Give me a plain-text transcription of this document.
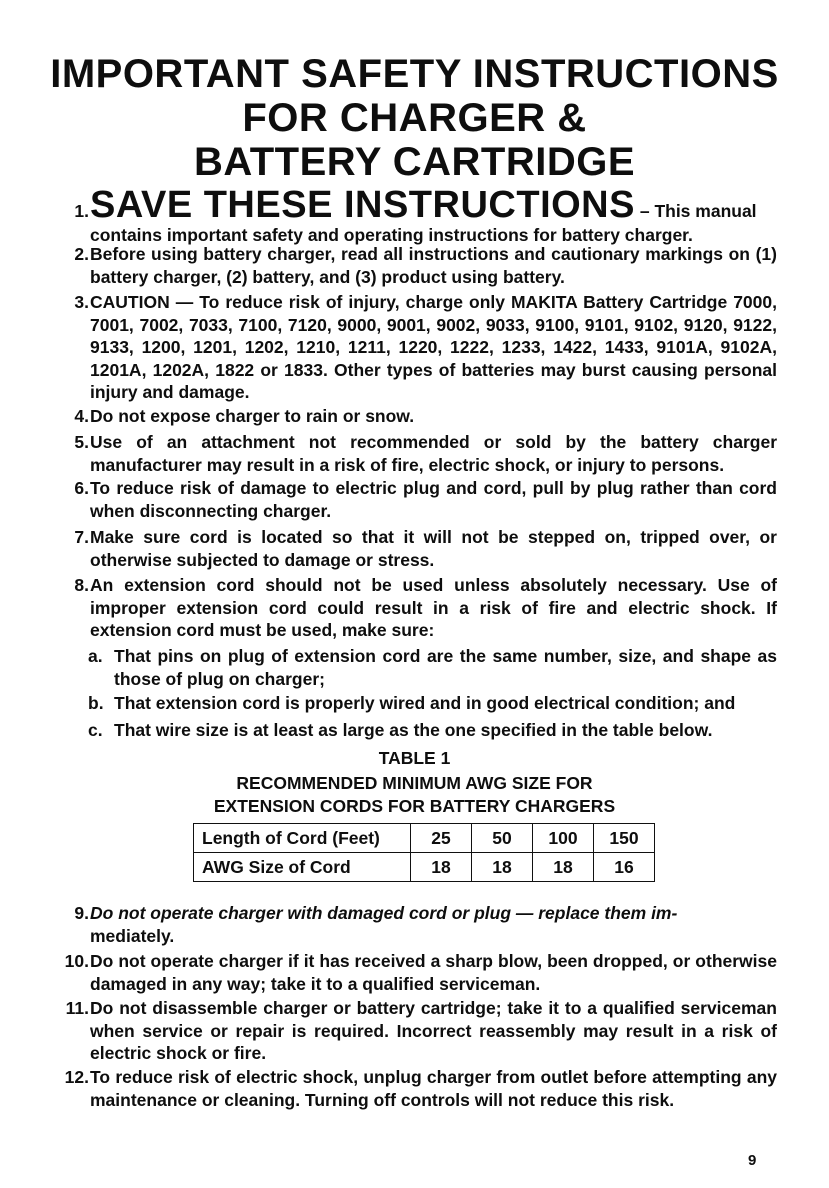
IMPORTANT SAFETY INSTRUCTIONS
FOR CHARGER &
BATTERY CARTRIDGE
1. SAVE THESE INSTRUCTIONS – This manual
contains important safety and operating instructions for battery charger.
2. Before using battery charger, read all instructions and cautionary markings on (1) battery charger, (2) battery, and (3) product using battery.
3. CAUTION — To reduce risk of injury, charge only MAKITA Battery Cartridge 7000, 7001, 7002, 7033, 7100, 7120, 9000, 9001, 9002, 9033, 9100, 9101, 9102, 9120, 9122, 9133, 1200, 1201, 1202, 1210, 1211, 1220, 1222, 1233, 1422, 1433, 9101A, 9102A, 1201A, 1202A, 1822 or 1833. Other types of batteries may burst causing personal injury and damage.
4. Do not expose charger to rain or snow.
5. Use of an attachment not recommended or sold by the battery charger manufacturer may result in a risk of fire, electric shock, or injury to persons.
6. To reduce risk of damage to electric plug and cord, pull by plug rather than cord when disconnecting charger.
7. Make sure cord is located so that it will not be stepped on, tripped over, or otherwise subjected to damage or stress.
8. An extension cord should not be used unless absolutely necessary. Use of improper extension cord could result in a risk of fire and electric shock. If extension cord must be used, make sure:
a. That pins on plug of extension cord are the same number, size, and shape as those of plug on charger;
b. That extension cord is properly wired and in good electrical condition; and
c. That wire size is at least as large as the one specified in the table below.
TABLE 1
RECOMMENDED MINIMUM AWG SIZE FOR
EXTENSION CORDS FOR BATTERY CHARGERS
Length of Cord (Feet)	25	50	100	150
AWG Size of Cord	18	18	18	16
9. Do not operate charger with damaged cord or plug — replace them im-
mediately.
10. Do not operate charger if it has received a sharp blow, been dropped, or otherwise damaged in any way; take it to a qualified serviceman.
11. Do not disassemble charger or battery cartridge; take it to a qualified serviceman when service or repair is required. Incorrect reassembly may result in a risk of electric shock or fire.
12. To reduce risk of electric shock, unplug charger from outlet before attempting any maintenance or cleaning. Turning off controls will not reduce this risk.
9
